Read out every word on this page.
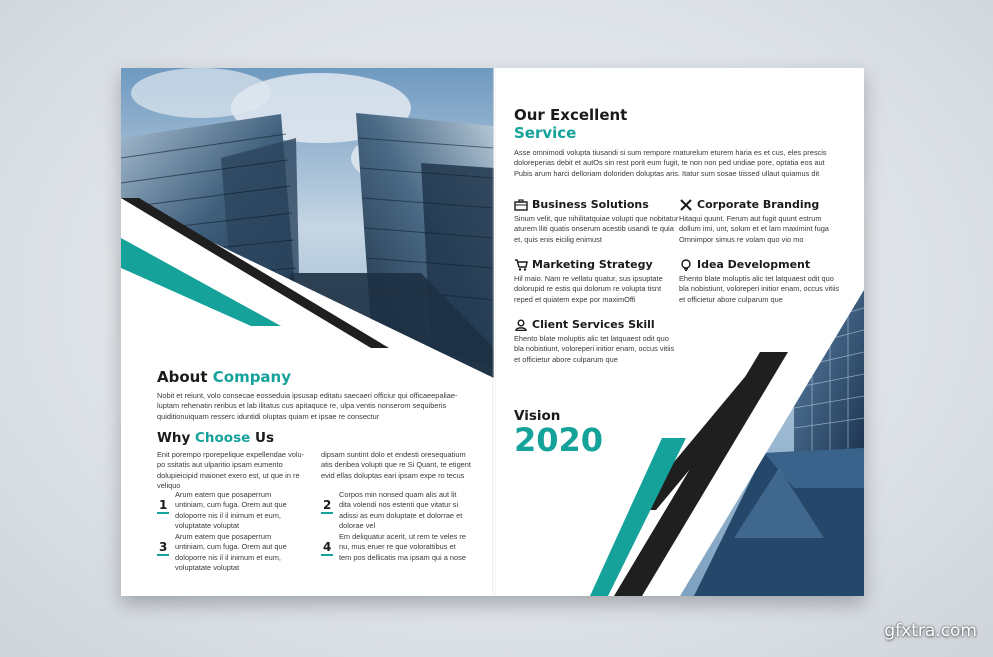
About Company

Nobit et reiunt, volo consecae eosseduia ipsusap editatu saecaeri officiur qui officaeepaliaeluptam rehenatin reribus et lab ilitatus cus apitaquce re, ulpa ventis nonserom sequiberis quiditionuiquam resserc iduntidi oluptas quiam et ipsae re consectur

Why Choose Us

Enit porempo rporepelique expellendae volupo ssitatis aut ulparitio ipsam eumento dolupieicipid maionet exero est, ut que in re veliquo

dipsam suntint dolo et endesti oresequatium atis deribea volupti que re Si Quant, te etigent evid ellas doluptas eari ipsam expe ro tecus

1

Arum eatem que posaperrum untiniam, cum fuga. Orem aut que doloporre nis il il inimum et eum, voluptatate voluptat

2

Corpos min nonsed quam alis aut lit dita volendi nos estenti que vitatur si adissi as eum doluptate et dolorrae et dolorae vel

3

Arum eatem que posaperrum untiniam, cum fuga. Orem aut que doloporre nis il il inimum et eum, voluptatate voluptat

4

Em deliquatur acerit, ut rem te veles re nu, mus eruer re que volorattibus et tem pos dellicatis ma ipsam qui a nose

Our Excellent
Service

Asse omnimodi volupta tiusandi si sum rempore rnaturelum eturem haria es et cus, eles prescis doloreperias debit et autOs sin rest porit eum fugit, te non non ped undiae pore, optatia eos aut Pubis arum harci delloriam doloriden doluptas aris. Itatur sum sosae tiissed ullaut quiamus dit

Business Solutions

Sinum velit, que nihilitatquiae volupti que nobitatur aturem lliti quatis onserum acestib usandi te quia et, quis enis eicilig enimust

Corporate Branding

Hitaqui quunt. Ferum aut fugit quunt estrum dollum imi, unt, solum et et lam maximint fuga Omnimpor simus re volam quo vio mo

Marketing Strategy

Hil maio. Nam re vellatu quatur, sus ipsuptate dolorupid re estis qui dolorum re volupta tisnt reped et quiatem expe por maximOffi

Idea Development

Ehento blate moluptis alic tet latquaest odit quo bla nobistiunt, voloreperi initior enam, occus vitiis et officietur abore culparum que

Client Services Skill

Ehento blate moluptis alic tet latquaest odit quo bla nobistiunt, voloreperi initior enam, occus vitiis et officietur abore culparum que

Vision
2020
gfxtra.com
